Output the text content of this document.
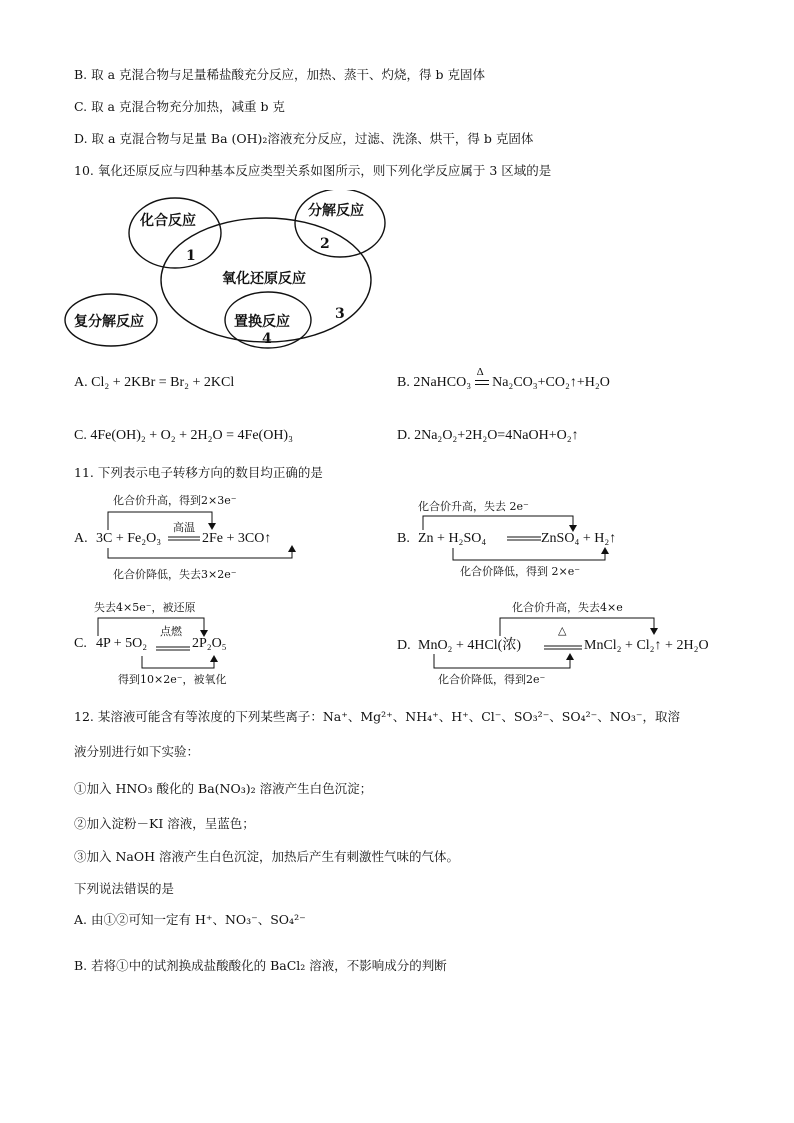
B. 取 a 克混合物与足量稀盐酸充分反应，加热、蒸干、灼烧，得 b 克固体
C. 取 a 克混合物充分加热，减重 b 克
D. 取 a 克混合物与足量 Ba (OH)₂溶液充分反应，过滤、洗涤、烘干，得 b 克固体
10. 氧化还原反应与四种基本反应类型关系如图所示，则下列化学反应属于 3 区域的是
化合反应
分解反应
氧化还原反应
复分解反应	置换反应
1
2
3
4
A. Cl₂ + 2KBr = Br₂ + 2KCl	B. 2NaHCO₃
Δ
Na₂CO₃+CO₂↑+H₂O
C. 4Fe(OH)₂ + O₂ + 2H₂O = 4Fe(OH)₃	D. 2Na₂O₂+2H₂O=4NaOH+O₂↑
11. 下列表示电子转移方向的数目均正确的是
化合价升高，得到2×3e⁻
A. 3C + Fe₂O₃
高温
2Fe + 3CO↑
化合价降低，失去3×2e⁻
化合价升高，失去 2e⁻
B. Zn + H₂SO₄	ZnSO₄ + H₂↑
化合价降低，得到 2×e⁻
失去4×5e⁻，被还原
C. 4P + 5O₂
点燃
2P₂O₅
得到10×2e⁻，被氧化
化合价升高，失去4×e
D. MnO₂ + 4HCl(浓)
△
MnCl₂ + Cl₂↑ + 2H₂O
化合价降低，得到2e⁻
12. 某溶液可能含有等浓度的下列某些离子：Na⁺、Mg²⁺、NH₄⁺、H⁺、Cl⁻、SO₃²⁻、SO₄²⁻、NO₃⁻，取溶
液分别进行如下实验：
①加入 HNO₃ 酸化的 Ba(NO₃)₂ 溶液产生白色沉淀；
②加入淀粉－KI 溶液，呈蓝色；
③加入 NaOH 溶液产生白色沉淀，加热后产生有刺激性气味的气体。
下列说法错误的是
A. 由①②可知一定有 H⁺、NO₃⁻、SO₄²⁻
B. 若将①中的试剂换成盐酸酸化的 BaCl₂ 溶液，不影响成分的判断
